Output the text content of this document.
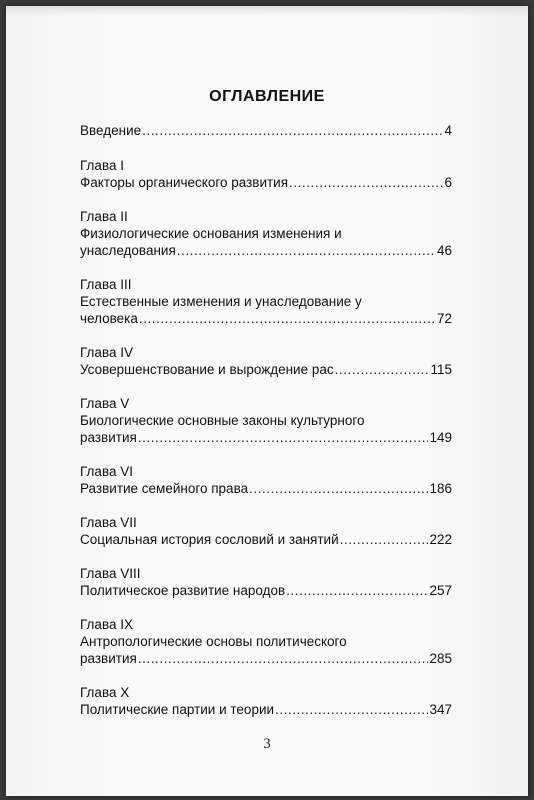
ОГЛАВЛЕНИЕ
Введение . . .	4
Глава I
Факторы органического развития . . .	6
Глава II
Физиологические основания изменения и
унаследования . . .	46
Глава III
Естественные изменения и унаследование у
человека . . .	72
Глава IV
Усовершенствование и вырождение рас . . .	115
Глава V
Биологические основные законы культурного
развития . . .	149
Глава VI
Развитие семейного права . . .	186
Глава VII
Социальная история сословий и занятий . . .	222
Глава VIII
Политическое развитие народов . . .	257
Глава IX
Антропологические основы политического
развития . . .	285
Глава X
Политические партии и теории . . .	347
3
